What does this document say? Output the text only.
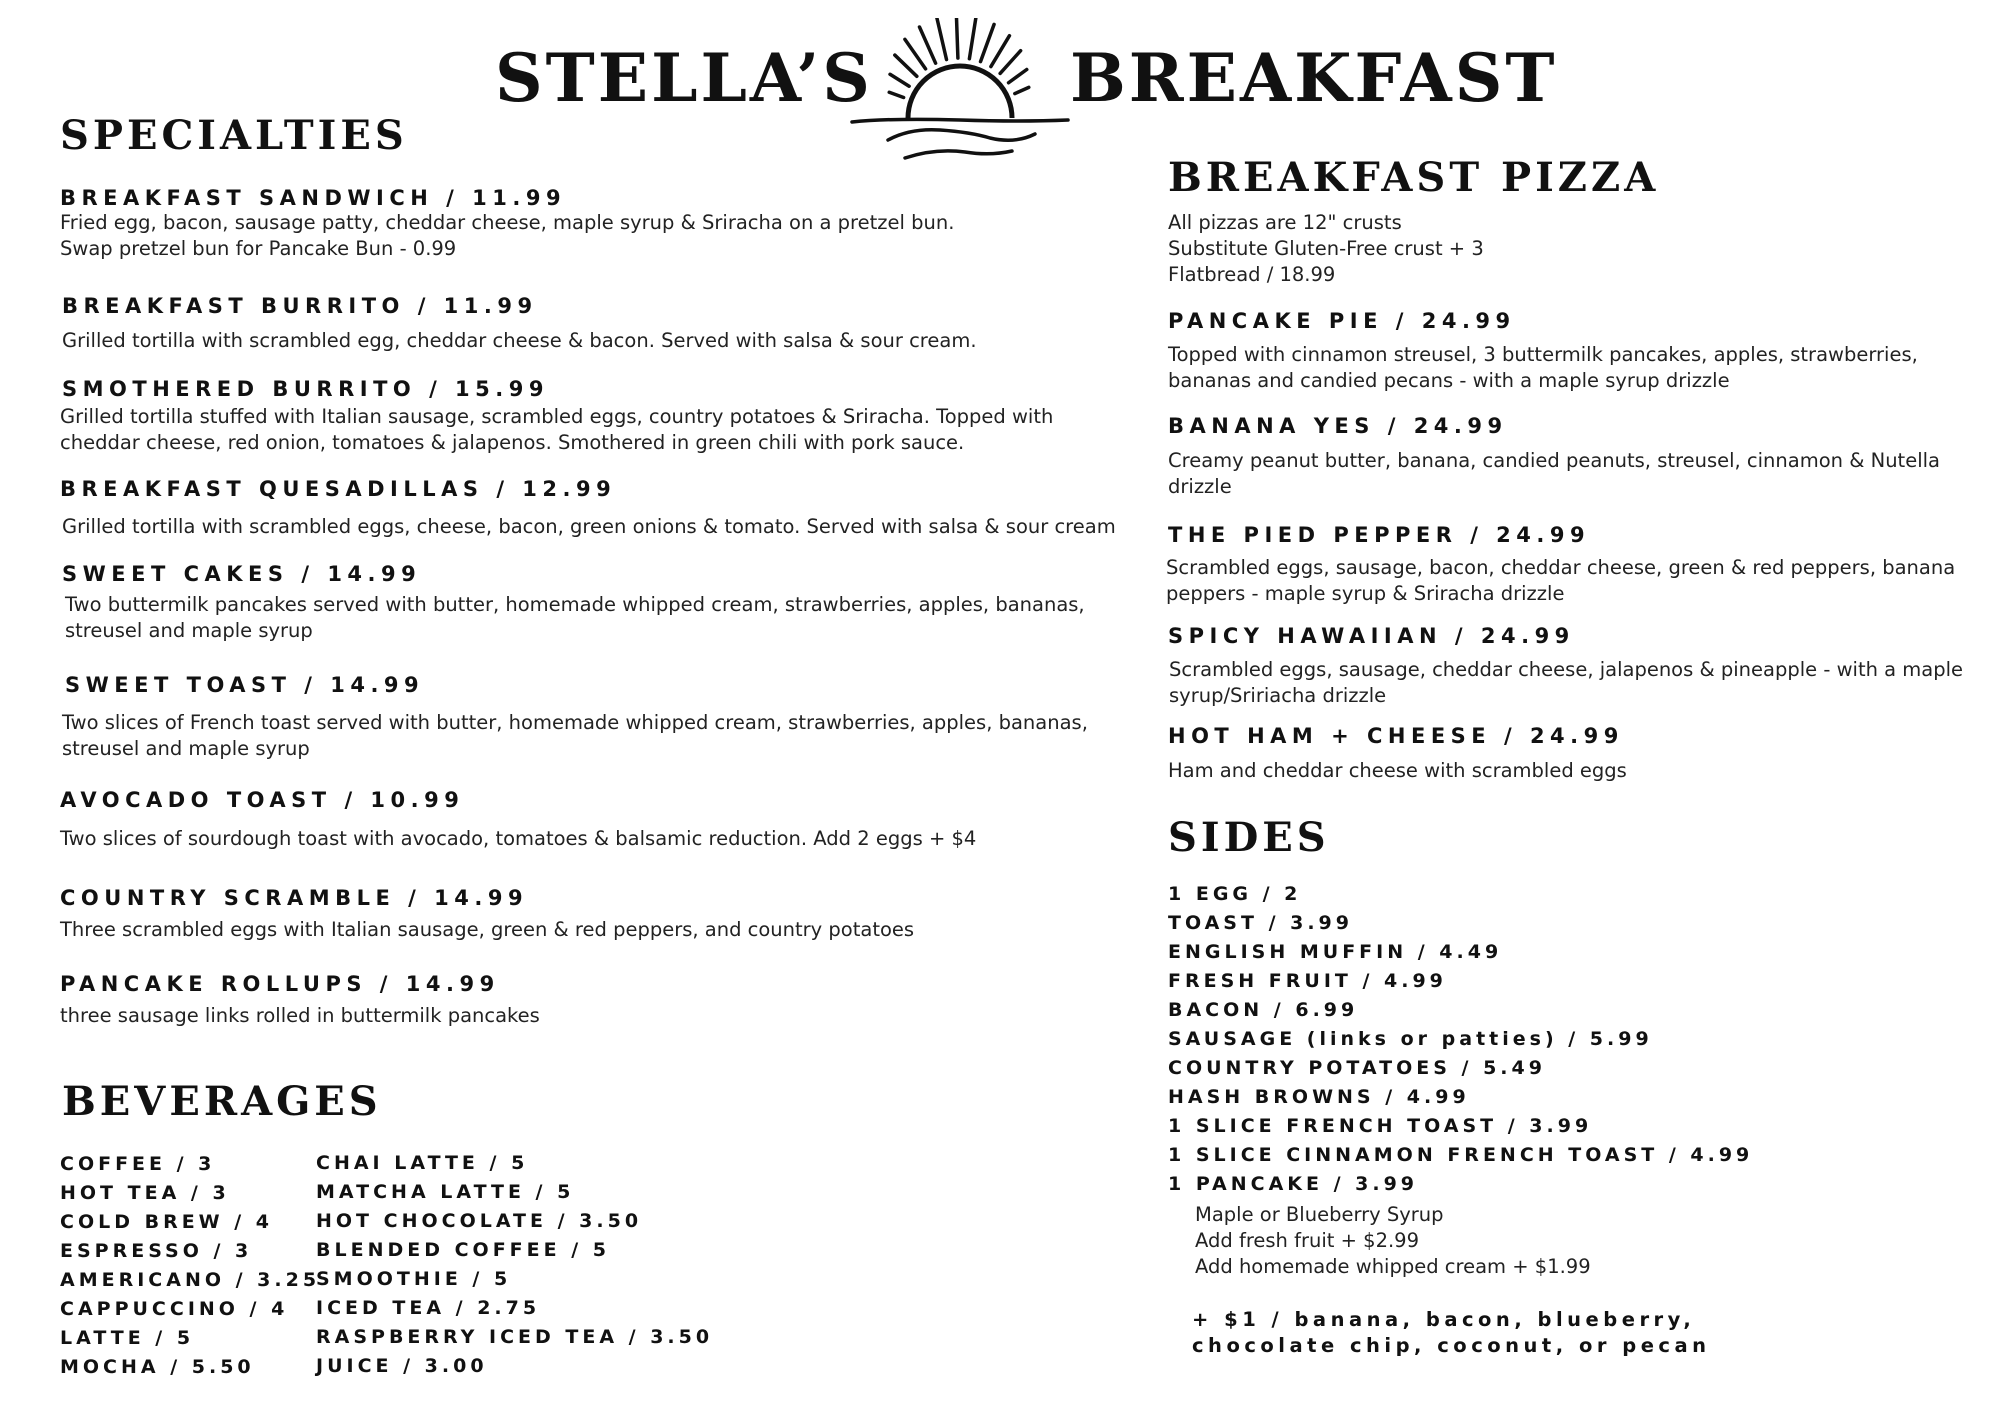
STELLA’S	BREAKFAST
SPECIALTIES
BREAKFAST SANDWICH / 11.99
Fried egg, bacon, sausage patty, cheddar cheese, maple syrup & Sriracha on a pretzel bun.
Swap pretzel bun for Pancake Bun - 0.99
BREAKFAST BURRITO / 11.99
Grilled tortilla with scrambled egg, cheddar cheese & bacon. Served with salsa & sour cream.
SMOTHERED BURRITO / 15.99
Grilled tortilla stuffed with Italian sausage, scrambled eggs, country potatoes & Sriracha. Topped with cheddar cheese, red onion, tomatoes & jalapenos. Smothered in green chili with pork sauce.
BREAKFAST QUESADILLAS / 12.99
Grilled tortilla with scrambled eggs, cheese, bacon, green onions & tomato. Served with salsa & sour cream
SWEET CAKES / 14.99
Two buttermilk pancakes served with butter, homemade whipped cream, strawberries, apples, bananas, streusel and maple syrup
SWEET TOAST / 14.99
Two slices of French toast served with butter, homemade whipped cream, strawberries, apples, bananas, streusel and maple syrup
AVOCADO TOAST / 10.99
Two slices of sourdough toast with avocado, tomatoes & balsamic reduction. Add 2 eggs + $4
COUNTRY SCRAMBLE / 14.99
Three scrambled eggs with Italian sausage, green & red peppers, and country potatoes
PANCAKE ROLLUPS / 14.99
three sausage links rolled in buttermilk pancakes
BEVERAGES
COFFEE / 3
HOT TEA / 3
COLD BREW / 4
ESPRESSO / 3
AMERICANO / 3.25
CAPPUCCINO / 4
LATTE / 5
MOCHA / 5.50
CHAI LATTE / 5
MATCHA LATTE / 5
HOT CHOCOLATE / 3.50
BLENDED COFFEE / 5
SMOOTHIE / 5
ICED TEA / 2.75
RASPBERRY ICED TEA / 3.50
JUICE / 3.00
BREAKFAST PIZZA
All pizzas are 12" crusts
Substitute Gluten-Free crust + 3
Flatbread / 18.99
PANCAKE PIE / 24.99
Topped with cinnamon streusel, 3 buttermilk pancakes, apples, strawberries, bananas and candied pecans - with a maple syrup drizzle
BANANA YES / 24.99
Creamy peanut butter, banana, candied peanuts, streusel, cinnamon & Nutella drizzle
THE PIED PEPPER / 24.99
Scrambled eggs, sausage, bacon, cheddar cheese, green & red peppers, banana peppers - maple syrup & Sriracha drizzle
SPICY HAWAIIAN / 24.99
Scrambled eggs, sausage, cheddar cheese, jalapenos & pineapple - with a maple syrup/Sririacha drizzle
HOT HAM + CHEESE / 24.99
Ham and cheddar cheese with scrambled eggs
SIDES
1 EGG / 2
TOAST / 3.99
ENGLISH MUFFIN / 4.49
FRESH FRUIT / 4.99
BACON / 6.99
SAUSAGE (links or patties) / 5.99
COUNTRY POTATOES / 5.49
HASH BROWNS / 4.99
1 SLICE FRENCH TOAST / 3.99
1 SLICE CINNAMON FRENCH TOAST / 4.99
1 PANCAKE / 3.99
Maple or Blueberry Syrup
Add fresh fruit + $2.99
Add homemade whipped cream + $1.99
+ $1 / banana, bacon, blueberry, chocolate chip, coconut, or pecan
